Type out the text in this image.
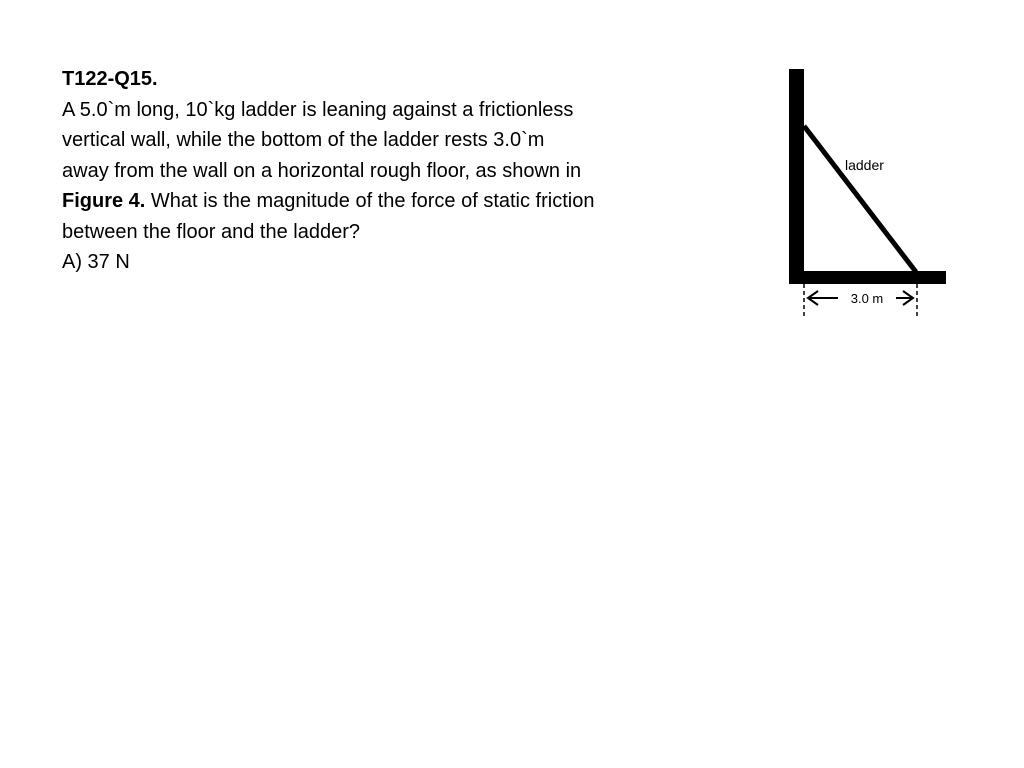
T122-Q15.
A 5.0`m long, 10`kg ladder is leaning against a frictionless
vertical wall, while the bottom of the ladder rests 3.0`m
away from the wall on a horizontal rough floor, as shown in
Figure 4. What is the magnitude of the force of static friction
between the floor and the ladder?
A) 37 N
ladder
3.0 m
